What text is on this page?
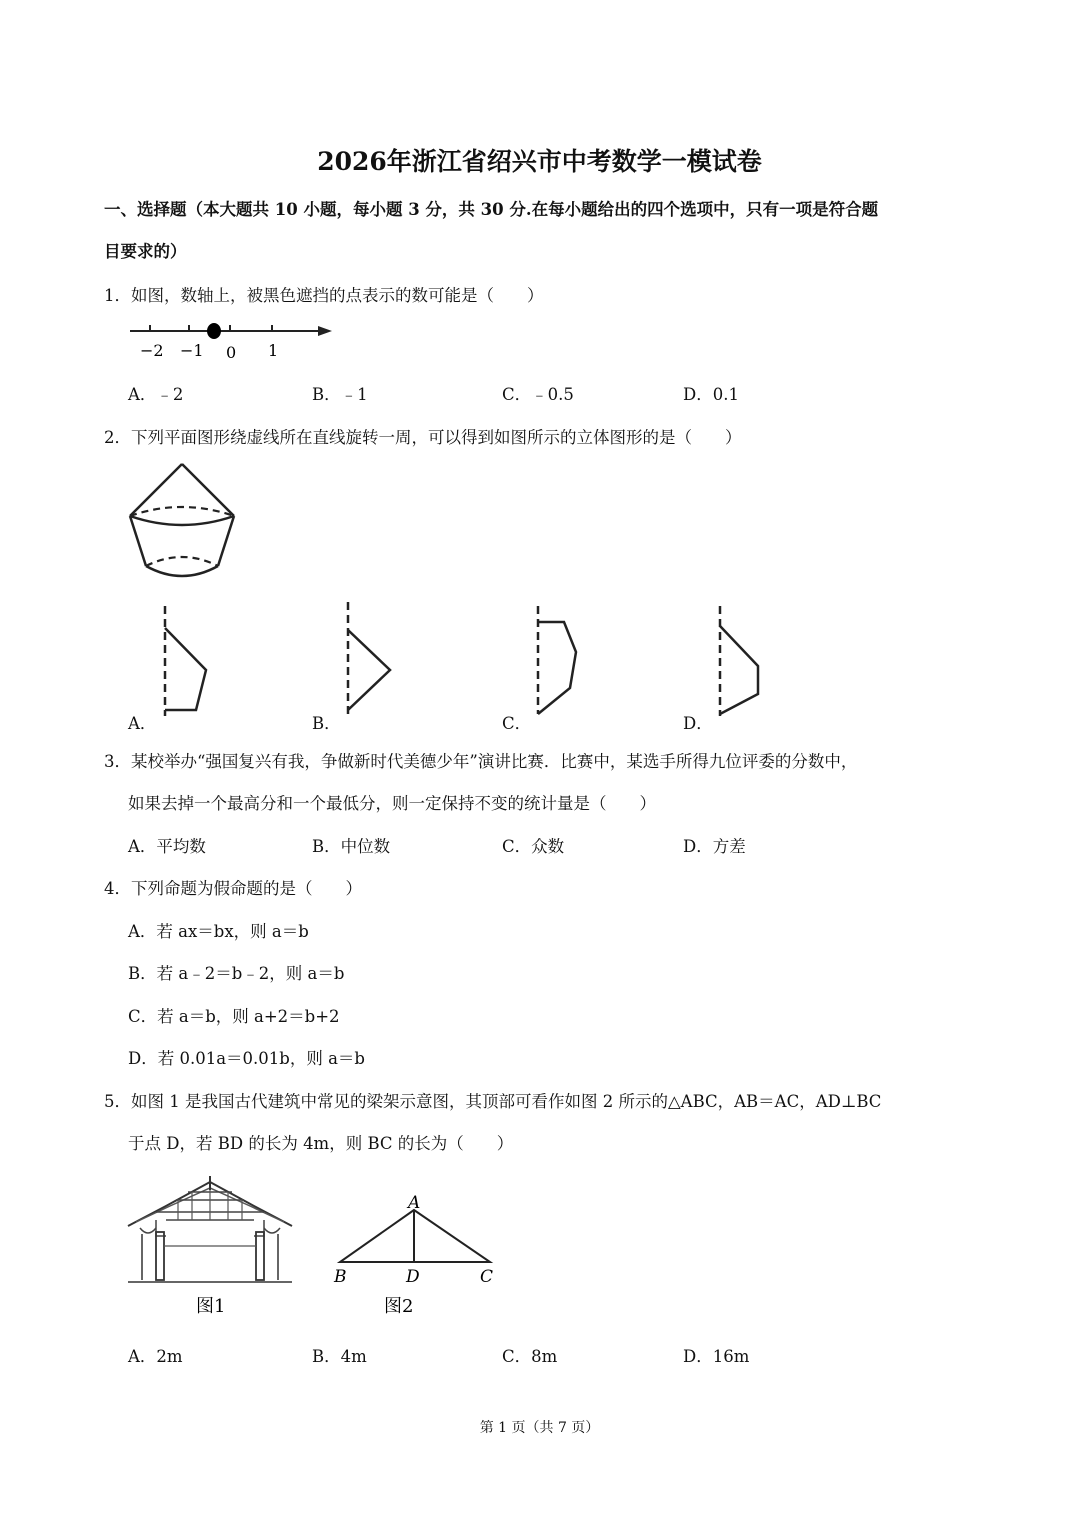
2026年浙江省绍兴市中考数学一模试卷
一、选择题（本大题共 10 小题，每小题 3 分，共 30 分.在每小题给出的四个选项中，只有一项是符合题
目要求的）
1．如图，数轴上，被黑色遮挡的点表示的数可能是（　　）
−2 −1 0 1
A．﹣2	B．﹣1	C．﹣0.5	D．0.1
2．下列平面图形绕虚线所在直线旋转一周，可以得到如图所示的立体图形的是（　　）
A．	B．	C．	D．
3．某校举办“强国复兴有我，争做新时代美德少年”演讲比赛．比赛中，某选手所得九位评委的分数中，
如果去掉一个最高分和一个最低分，则一定保持不变的统计量是（　　）
A．平均数	B．中位数	C．众数	D．方差
4．下列命题为假命题的是（　　）
A．若 ax＝bx，则 a＝b
B．若 a﹣2＝b﹣2，则 a＝b
C．若 a＝b，则 a+2＝b+2
D．若 0.01a＝0.01b，则 a＝b
5．如图 1 是我国古代建筑中常见的梁架示意图，其顶部可看作如图 2 所示的△ABC，AB＝AC，AD⊥BC
于点 D，若 BD 的长为 4m，则 BC 的长为（　　）
图1
A
B	D	C
图2
A．2m	B．4m	C．8m	D．16m
第 1 页（共 7 页）
